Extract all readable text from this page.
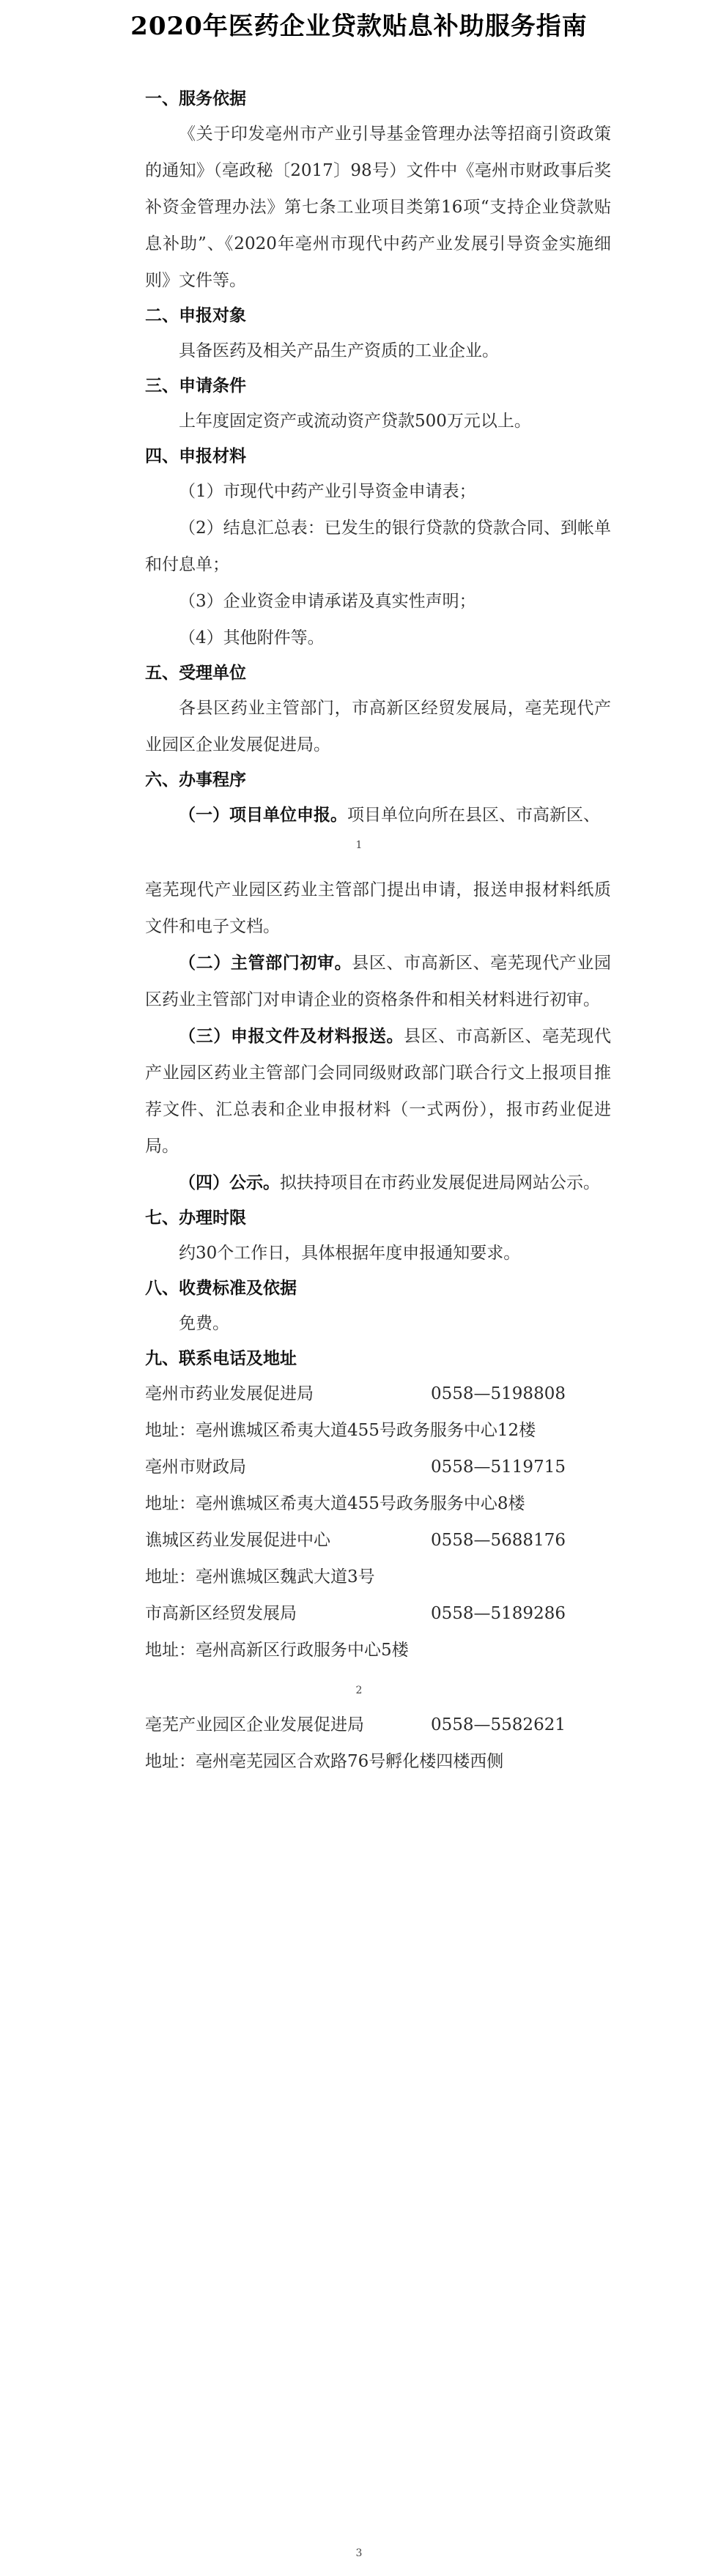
2020年医药企业贷款贴息补助服务指南
一、服务依据

《关于印发亳州市产业引导基金管理办法等招商引资政策的通知》（亳政秘〔2017〕98号）文件中《亳州市财政事后奖补资金管理办法》第七条工业项目类第16项“支持企业贷款贴息补助”、《2020年亳州市现代中药产业发展引导资金实施细则》文件等。

二、申报对象

具备医药及相关产品生产资质的工业企业。

三、申请条件

上年度固定资产或流动资产贷款500万元以上。

四、申报材料

（1）市现代中药产业引导资金申请表；

（2）结息汇总表：已发生的银行贷款的贷款合同、到帐单和付息单；

（3）企业资金申请承诺及真实性声明；

（4）其他附件等。

五、受理单位

各县区药业主管部门，市高新区经贸发展局，亳芜现代产业园区企业发展促进局。

六、办事程序

（一）项目单位申报。项目单位向所在县区、市高新区、

亳芜现代产业园区药业主管部门提出申请，报送申报材料纸质文件和电子文档。

（二）主管部门初审。县区、市高新区、亳芜现代产业园区药业主管部门对申请企业的资格条件和相关材料进行初审。

（三）申报文件及材料报送。县区、市高新区、亳芜现代产业园区药业主管部门会同同级财政部门联合行文上报项目推荐文件、汇总表和企业申报材料（一式两份），报市药业促进局。

（四）公示。拟扶持项目在市药业发展促进局网站公示。

七、办理时限

约30个工作日，具体根据年度申报通知要求。

八、收费标准及依据

免费。

九、联系电话及地址
亳州市药业发展促进局	0558—5198808
地址：亳州谯城区希夷大道455号政务服务中心12楼
亳州市财政局	0558—5119715
地址：亳州谯城区希夷大道455号政务服务中心8楼
谯城区药业发展促进中心	0558—5688176
地址：亳州谯城区魏武大道3号
市高新区经贸发展局	0558—5189286
地址：亳州高新区行政服务中心5楼
亳芜产业园区企业发展促进局	0558—5582621
地址：亳州亳芜园区合欢路76号孵化楼四楼西侧
1
2
3
